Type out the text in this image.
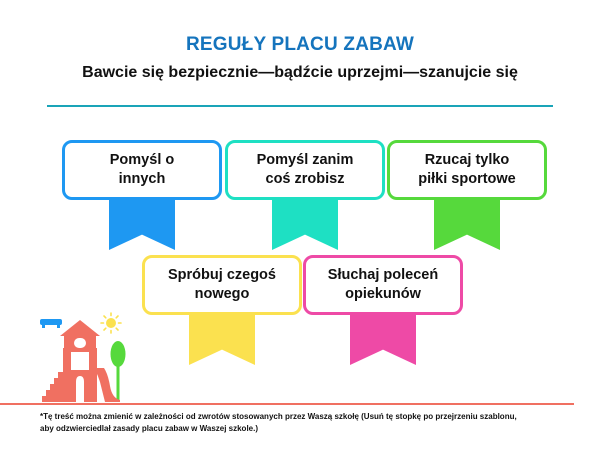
REGUŁY PLACU ZABAW
Bawcie się bezpiecznie—bądźcie uprzejmi—szanujcie się
Pomyśl o
innych
Pomyśl zanim
coś zrobisz
Rzucaj tylko
piłki sportowe
Spróbuj czegoś
nowego
Słuchaj poleceń
opiekunów
*Tę treść można zmienić w zależności od zwrotów stosowanych przez Waszą szkołę (Usuń tę stopkę po przejrzeniu szablonu,
aby odzwierciedlał zasady placu zabaw w Waszej szkole.)
